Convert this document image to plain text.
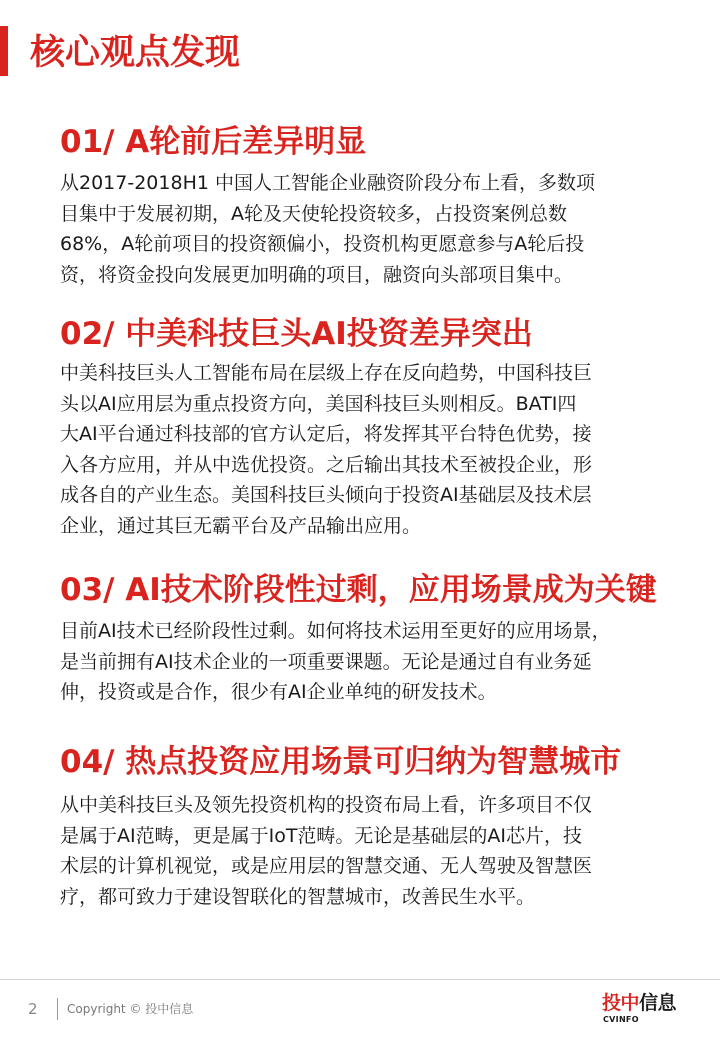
核心观点发现
01/ A轮前后差异明显

从2017-2018H1 中国人工智能企业融资阶段分布上看，多数项
目集中于发展初期，A轮及天使轮投资较多，占投资案例总数
68%，A轮前项目的投资额偏小，投资机构更愿意参与A轮后投
资，将资金投向发展更加明确的项目，融资向头部项目集中。

02/ 中美科技巨头AI投资差异突出

中美科技巨头人工智能布局在层级上存在反向趋势，中国科技巨
头以AI应用层为重点投资方向，美国科技巨头则相反。BATI四
大AI平台通过科技部的官方认定后，将发挥其平台特色优势，接
入各方应用，并从中选优投资。之后输出其技术至被投企业，形
成各自的产业生态。美国科技巨头倾向于投资AI基础层及技术层
企业，通过其巨无霸平台及产品输出应用。

03/ AI技术阶段性过剩，应用场景成为关键

目前AI技术已经阶段性过剩。如何将技术运用至更好的应用场景，
是当前拥有AI技术企业的一项重要课题。无论是通过自有业务延
伸，投资或是合作，很少有AI企业单纯的研发技术。

04/ 热点投资应用场景可归纳为智慧城市

从中美科技巨头及领先投资机构的投资布局上看，许多项目不仅
是属于AI范畴，更是属于IoT范畴。无论是基础层的AI芯片，技
术层的计算机视觉，或是应用层的智慧交通、无人驾驶及智慧医
疗，都可致力于建设智联化的智慧城市，改善民生水平。

2 Copyright © 投中信息	投中信息
CVINFO
